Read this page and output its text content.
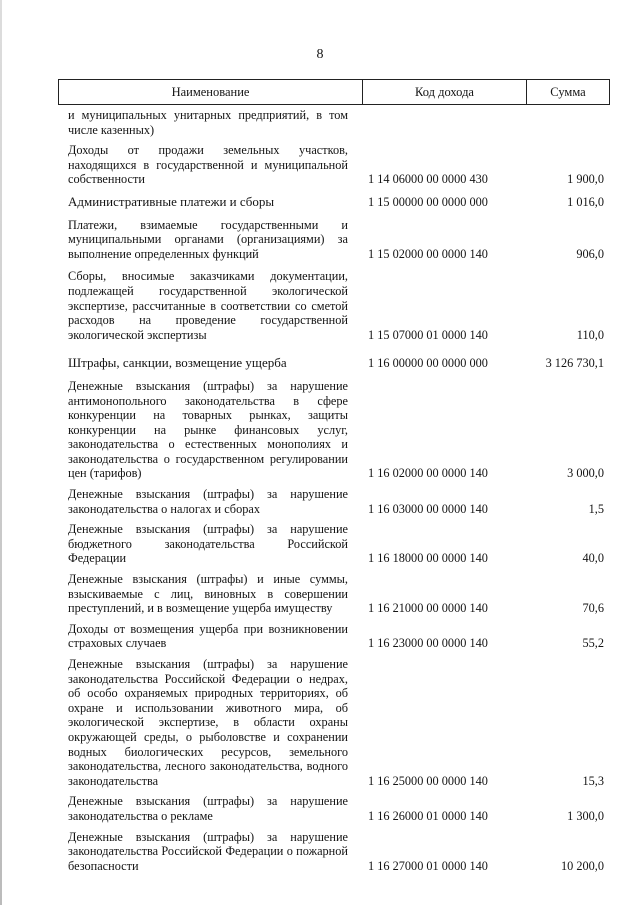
8
Наименование	Код дохода	Сумма
и муниципальных унитарных предприятий, в том числе казенных)
Доходы от продажи земельных участков, находящихся в государственной и муниципальной собственности	1 14 06000 00 0000 430	1 900,0
Административные платежи и сборы	1 15 00000 00 0000 000	1 016,0
Платежи, взимаемые государственными и муниципальными органами (организациями) за выполнение определенных функций	1 15 02000 00 0000 140	906,0
Сборы, вносимые заказчиками документации, подлежащей государственной экологической экспертизе, рассчитанные в соответствии со сметой расходов на проведение государственной экологической экспертизы	1 15 07000 01 0000 140	110,0
Штрафы, санкции, возмещение ущерба	1 16 00000 00 0000 000	3 126 730,1
Денежные взыскания (штрафы) за нарушение антимонопольного законодательства в сфере конкуренции на товарных рынках, защиты конкуренции на рынке финансовых услуг, законодательства о естественных монополиях и законодательства о государственном регулировании цен (тарифов)	1 16 02000 00 0000 140	3 000,0
Денежные взыскания (штрафы) за нарушение законодательства о налогах и сборах	1 16 03000 00 0000 140	1,5
Денежные взыскания (штрафы) за нарушение бюджетного законодательства Российской Федерации	1 16 18000 00 0000 140	40,0
Денежные взыскания (штрафы) и иные суммы, взыскиваемые с лиц, виновных в совершении преступлений, и в возмещение ущерба имуществу	1 16 21000 00 0000 140	70,6
Доходы от возмещения ущерба при возникновении страховых случаев	1 16 23000 00 0000 140	55,2
Денежные взыскания (штрафы) за нарушение законодательства Российской Федерации о недрах, об особо охраняемых природных территориях, об охране и использовании животного мира, об экологической экспертизе, в области охраны окружающей среды, о рыболовстве и сохранении водных биологических ресурсов, земельного законодательства, лесного законодательства, водного законодательства	1 16 25000 00 0000 140	15,3
Денежные взыскания (штрафы) за нарушение законодательства о рекламе	1 16 26000 01 0000 140	1 300,0
Денежные взыскания (штрафы) за нарушение законодательства Российской Федерации о пожарной безопасности	1 16 27000 01 0000 140	10 200,0
